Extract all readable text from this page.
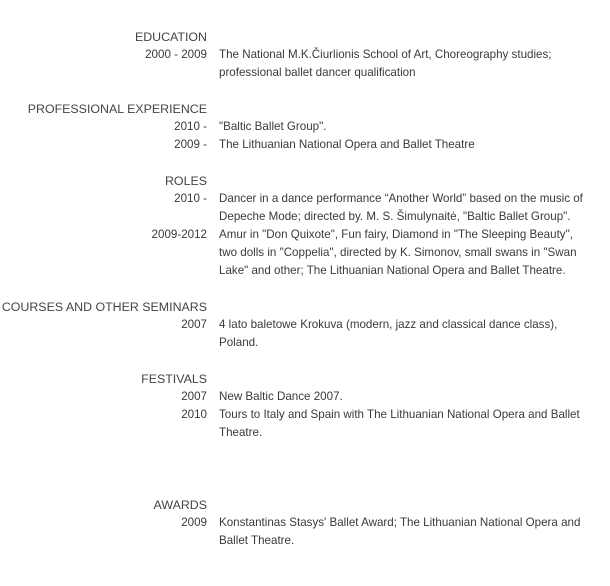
EDUCATION
2000 - 2009 The National M.K.Čiurlionis School of Art, Choreography studies; professional ballet dancer qualification
PROFESSIONAL EXPERIENCE
2010 - "Baltic Ballet Group".
2009 - The Lithuanian National Opera and Ballet Theatre
ROLES
2010 - Dancer in a dance performance “Another World” based on the music of Depeche Mode; directed by. M. S. Šimulynaitė, "Baltic Ballet Group".
2009-2012 Amur in "Don Quixote", Fun fairy, Diamond in "The Sleeping Beauty", two dolls in "Coppelia", directed by K. Simonov, small swans in "Swan Lake" and other; The Lithuanian National Opera and Ballet Theatre.
COURSES AND OTHER SEMINARS
2007 4 lato baletowe Krokuva (modern, jazz and classical dance class), Poland.
FESTIVALS
2007 New Baltic Dance 2007.
2010 Tours to Italy and Spain with The Lithuanian National Opera and Ballet Theatre.
AWARDS
2009 Konstantinas Stasys' Ballet Award; The Lithuanian National Opera and Ballet Theatre.
